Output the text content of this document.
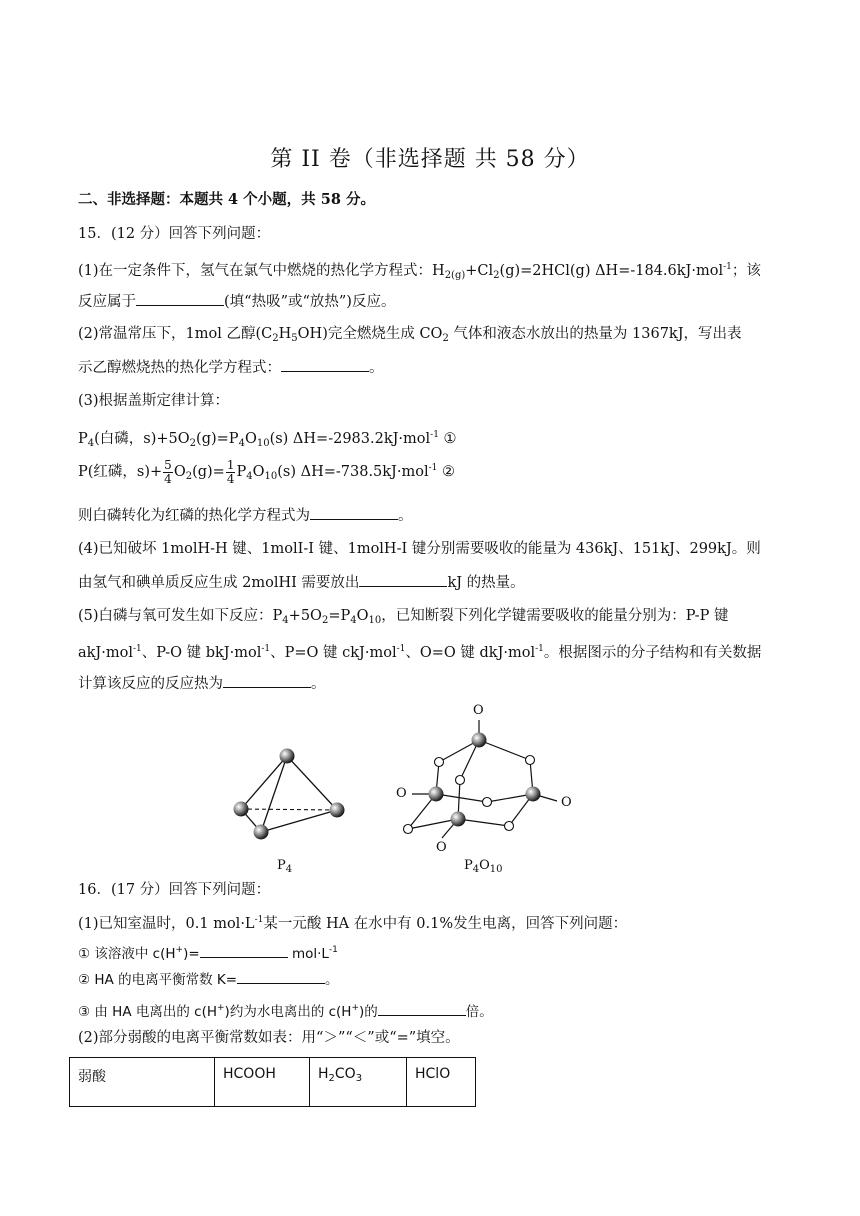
第 II 卷（非选择题 共 58 分）
二、非选择题：本题共 4 个小题，共 58 分。
15．(12 分）回答下列问题：
(1)在一定条件下，氢气在氯气中燃烧的热化学方程式：$H_{2(g)}+Cl_2(g)=2HCl(g)$ ΔH=-184.6kJ·mol$^{-1}$；该
反应属于	(填“热吸”或“放热”)反应。
(2)常温常压下，1mol 乙醇$(C_2H_5OH)$完全燃烧生成 $CO_2$ 气体和液态水放出的热量为 1367kJ，写出表
示乙醇燃烧热的热化学方程式：	。
(3)根据盖斯定律计算：
$P_4$(白磷，$s)+5O_2(g)=P_4O_{10}(s)$ ΔH=-2983.2kJ·mol$^{-1}$ ①
P(红磷，$s)+ \frac{5}{4} O_2(g)= \frac{1}{4} P_4O_{10}(s)$ ΔH=-738.5kJ·mol$^{-1}$ ②
则白磷转化为红磷的热化学方程式为	。
(4)已知破坏 1molH-H 键、1molI-I 键、1molH-I 键分别需要吸收的能量为 436kJ、151kJ、299kJ。则
由氢气和碘单质反应生成 2molHI 需要放出	kJ 的热量。
(5)白磷与氧可发生如下反应：$P_4+5O_2=P_4O_{10}$，已知断裂下列化学键需要吸收的能量分别为：P-P 键
akJ·mol$^{-1}$、P-O 键 bkJ·mol$^{-1}$、P=O 键 ckJ·mol$^{-1}$、O=O 键 dkJ·mol$^{-1}$。根据图示的分子结构和有关数据
计算该反应的反应热为	。
O
O
O
O
$P_4$	$P_4O_{10}$
16．(17 分）回答下列问题：
(1)已知室温时，0.1 $mol\cdot L^{-1}$某一元酸 HA 在水中有 0.1%发生电离，回答下列问题：
① 该溶液中 c(H+)=	$mol\cdot L^{-1}$
② HA 的电离平衡常数 K=	。
③ 由 HA 电离出的 c(H+)约为水电离出的 c(H+)的	倍。
(2)部分弱酸的电离平衡常数如表：用“＞”“＜”或“=”填空。
弱酸	HCOOH	$H_2CO_3$	HClO
